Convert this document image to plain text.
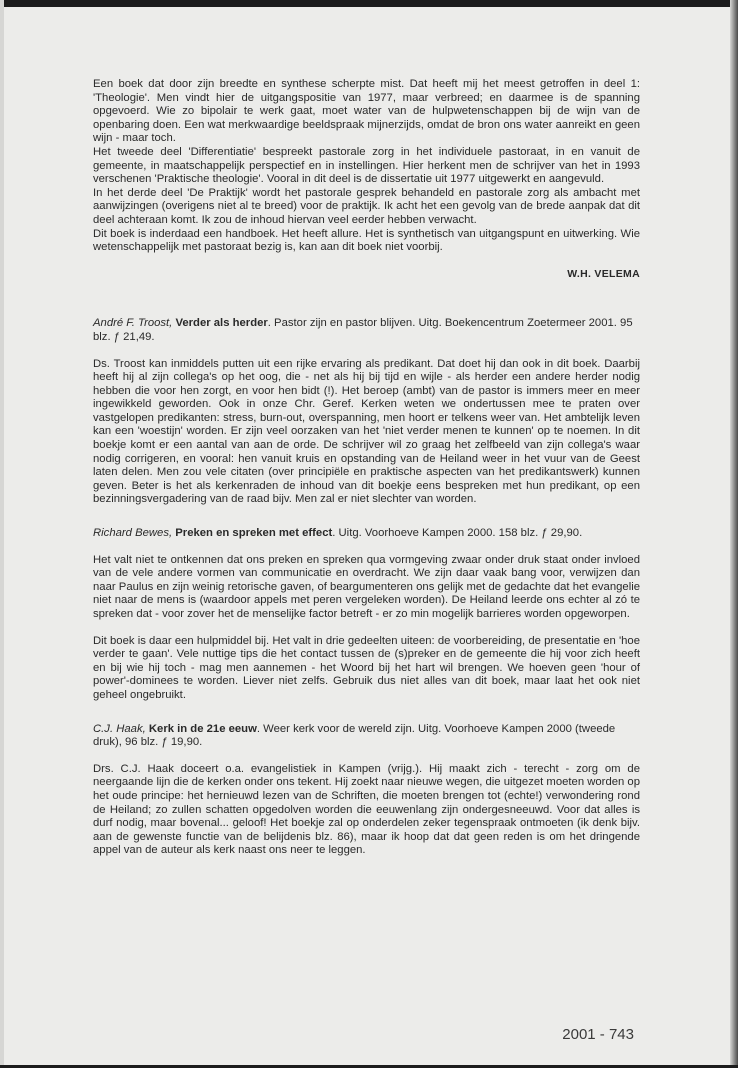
Een boek dat door zijn breedte en synthese scherpte mist. Dat heeft mij het meest getroffen in deel 1: 'Theologie'. Men vindt hier de uitgangspositie van 1977, maar verbreed; en daarmee is de spanning opgevoerd. Wie zo bipolair te werk gaat, moet water van de hulpwetenschappen bij de wijn van de openbaring doen. Een wat merkwaardige beeldspraak mijnerzijds, omdat de bron ons water aanreikt en geen wijn - maar toch.

Het tweede deel 'Differentiatie' bespreekt pastorale zorg in het individuele pastoraat, in en vanuit de gemeente, in maatschappelijk perspectief en in instellingen. Hier herkent men de schrijver van het in 1993 verschenen 'Praktische theologie'. Vooral in dit deel is de dissertatie uit 1977 uitgewerkt en aangevuld.

In het derde deel 'De Praktijk' wordt het pastorale gesprek behandeld en pastorale zorg als ambacht met aanwijzingen (overigens niet al te breed) voor de praktijk. Ik acht het een gevolg van de brede aanpak dat dit deel achteraan komt. Ik zou de inhoud hiervan veel eerder hebben verwacht.

Dit boek is inderdaad een handboek. Het heeft allure. Het is synthetisch van uitgangspunt en uitwerking. Wie wetenschappelijk met pastoraat bezig is, kan aan dit boek niet voorbij.

W.H. VELEMA

André F. Troost, Verder als herder. Pastor zijn en pastor blijven. Uitg. Boekencentrum Zoetermeer 2001. 95 blz. ƒ 21,49.

Ds. Troost kan inmiddels putten uit een rijke ervaring als predikant. Dat doet hij dan ook in dit boek. Daarbij heeft hij al zijn collega's op het oog, die - net als hij bij tijd en wijle - als herder een andere herder nodig hebben die voor hen zorgt, en voor hen bidt (!). Het beroep (ambt) van de pastor is immers meer en meer ingewikkeld geworden. Ook in onze Chr. Geref. Kerken weten we ondertussen mee te praten over vastgelopen predikanten: stress, burn-out, overspanning, men hoort er telkens weer van. Het ambtelijk leven kan een 'woestijn' worden. Er zijn veel oorzaken van het 'niet verder menen te kunnen' op te noemen. In dit boekje komt er een aantal van aan de orde. De schrijver wil zo graag het zelfbeeld van zijn collega's waar nodig corrigeren, en vooral: hen vanuit kruis en opstanding van de Heiland weer in het vuur van de Geest laten delen. Men zou vele citaten (over principiële en praktische aspecten van het predikantswerk) kunnen geven. Beter is het als kerkenraden de inhoud van dit boekje eens bespreken met hun predikant, op een bezinningsvergadering van de raad bijv. Men zal er niet slechter van worden.

Richard Bewes, Preken en spreken met effect. Uitg. Voorhoeve Kampen 2000. 158 blz. ƒ 29,90.

Het valt niet te ontkennen dat ons preken en spreken qua vormgeving zwaar onder druk staat onder invloed van de vele andere vormen van communicatie en overdracht. We zijn daar vaak bang voor, verwijzen dan naar Paulus en zijn weinig retorische gaven, of beargumenteren ons gelijk met de gedachte dat het evangelie niet naar de mens is (waardoor appels met peren vergeleken worden). De Heiland leerde ons echter al zó te spreken dat - voor zover het de menselijke factor betreft - er zo min mogelijk barrieres worden opgeworpen.

Dit boek is daar een hulpmiddel bij. Het valt in drie gedeelten uiteen: de voorbereiding, de presentatie en 'hoe verder te gaan'. Vele nuttige tips die het contact tussen de (s)preker en de gemeente die hij voor zich heeft en bij wie hij toch - mag men aannemen - het Woord bij het hart wil brengen. We hoeven geen 'hour of power'-dominees te worden. Liever niet zelfs. Gebruik dus niet alles van dit boek, maar laat het ook niet geheel ongebruikt.

C.J. Haak, Kerk in de 21e eeuw. Weer kerk voor de wereld zijn. Uitg. Voorhoeve Kampen 2000 (tweede druk), 96 blz. ƒ 19,90.

Drs. C.J. Haak doceert o.a. evangelistiek in Kampen (vrijg.). Hij maakt zich - terecht - zorg om de neergaande lijn die de kerken onder ons tekent. Hij zoekt naar nieuwe wegen, die uitgezet moeten worden op het oude principe: het hernieuwd lezen van de Schriften, die moeten brengen tot (echte!) verwondering rond de Heiland; zo zullen schatten opgedolven worden die eeuwenlang zijn ondergesneeuwd. Voor dat alles is durf nodig, maar bovenal... geloof! Het boekje zal op onderdelen zeker tegenspraak ontmoeten (ik denk bijv. aan de gewenste functie van de belijdenis blz. 86), maar ik hoop dat dat geen reden is om het dringende appel van de auteur als kerk naast ons neer te leggen.

2001 - 743
